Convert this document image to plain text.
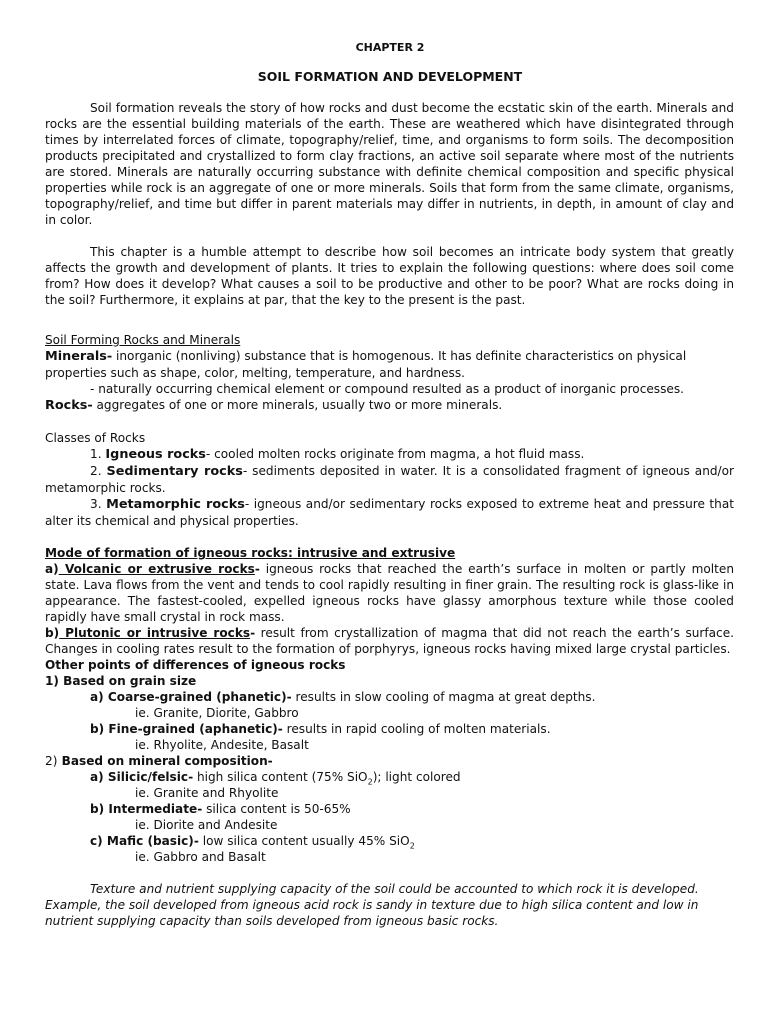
CHAPTER 2
SOIL FORMATION AND DEVELOPMENT

Soil formation reveals the story of how rocks and dust become the ecstatic skin of the earth. Minerals and rocks are the essential building materials of the earth. These are weathered which have disintegrated through times by interrelated forces of climate, topography/relief, time, and organisms to form soils. The decomposition products precipitated and crystallized to form clay fractions, an active soil separate where most of the nutrients are stored. Minerals are naturally occurring substance with definite chemical composition and specific physical properties while rock is an aggregate of one or more minerals. Soils that form from the same climate, organisms, topography/relief, and time but differ in parent materials may differ in nutrients, in depth, in amount of clay and in color.

This chapter is a humble attempt to describe how soil becomes an intricate body system that greatly affects the growth and development of plants. It tries to explain the following questions: where does soil come from? How does it develop? What causes a soil to be productive and other to be poor? What are rocks doing in the soil? Furthermore, it explains at par, that the key to the present is the past.

Soil Forming Rocks and Minerals

Minerals- inorganic (nonliving) substance that is homogenous. It has definite characteristics on physical properties such as shape, color, melting, temperature, and hardness.

- naturally occurring chemical element or compound resulted as a product of inorganic processes.

Rocks- aggregates of one or more minerals, usually two or more minerals.

Classes of Rocks

1. Igneous rocks- cooled molten rocks originate from magma, a hot fluid mass.

2. Sedimentary rocks- sediments deposited in water. It is a consolidated fragment of igneous and/or metamorphic rocks.

3. Metamorphic rocks- igneous and/or sedimentary rocks exposed to extreme heat and pressure that alter its chemical and physical properties.

Mode of formation of igneous rocks: intrusive and extrusive

a) Volcanic or extrusive rocks- igneous rocks that reached the earth’s surface in molten or partly molten state. Lava flows from the vent and tends to cool rapidly resulting in finer grain. The resulting rock is glass-like in appearance. The fastest-cooled, expelled igneous rocks have glassy amorphous texture while those cooled rapidly have small crystal in rock mass.

b) Plutonic or intrusive rocks- result from crystallization of magma that did not reach the earth’s surface. Changes in cooling rates result to the formation of porphyrys, igneous rocks having mixed large crystal particles.

Other points of differences of igneous rocks

1) Based on grain size

a) Coarse-grained (phanetic)- results in slow cooling of magma at great depths.

ie. Granite, Diorite, Gabbro

b) Fine-grained (aphanetic)- results in rapid cooling of molten materials.

ie. Rhyolite, Andesite, Basalt

2) Based on mineral composition-

a) Silicic/felsic- high silica content (75% SiO$_2$); light colored

ie. Granite and Rhyolite

b) Intermediate- silica content is 50-65%

ie. Diorite and Andesite

c) Mafic (basic)- low silica content usually 45% SiO$_2$

ie. Gabbro and Basalt

Texture and nutrient supplying capacity of the soil could be accounted to which rock it is developed. Example, the soil developed from igneous acid rock is sandy in texture due to high silica content and low in nutrient supplying capacity than soils developed from igneous basic rocks.
